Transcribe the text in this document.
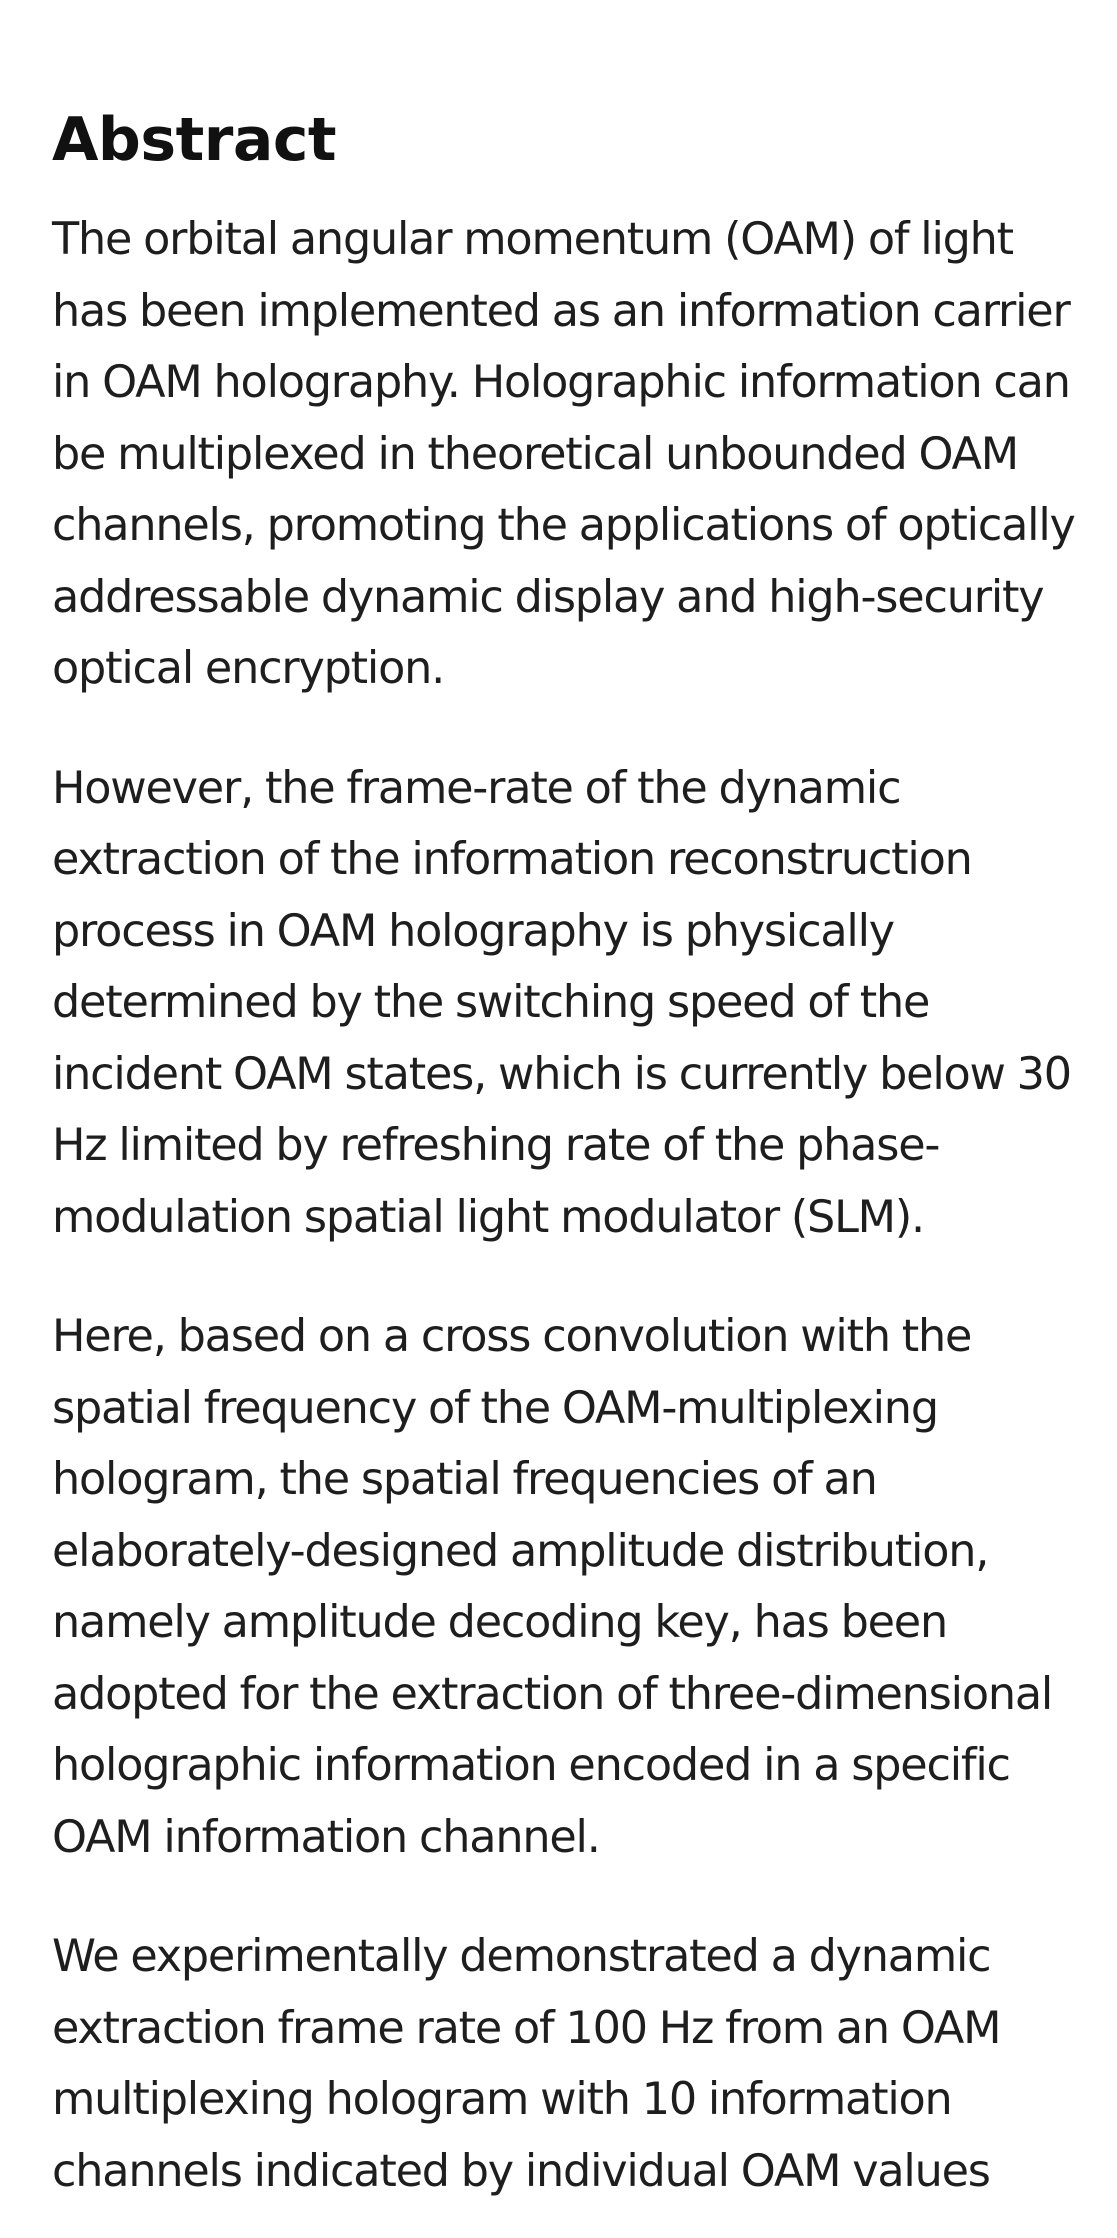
Abstract

The orbital angular momentum (OAM) of light has been implemented as an information carrier in OAM holography. Holographic information can be multiplexed in theoretical unbounded OAM channels, promoting the applications of optically addressable dynamic display and high-security optical encryption.

However, the frame-rate of the dynamic extraction of the information reconstruction process in OAM holography is physically determined by the switching speed of the incident OAM states, which is currently below 30 Hz limited by refreshing rate of the phase-modulation spatial light modulator (SLM).

Here, based on a cross convolution with the spatial frequency of the OAM-multiplexing hologram, the spatial frequencies of an elaborately-designed amplitude distribution, namely amplitude decoding key, has been adopted for the extraction of three-dimensional holographic information encoded in a specific OAM information channel.

We experimentally demonstrated a dynamic extraction frame rate of 100 Hz from an OAM multiplexing hologram with 10 information channels indicated by individual OAM values
